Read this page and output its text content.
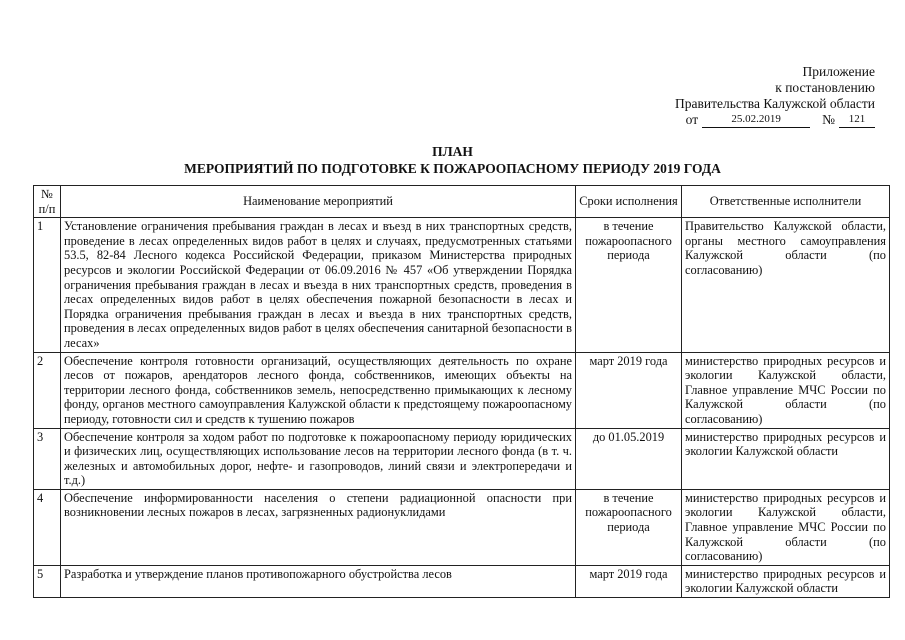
Приложение
к постановлению
Правительства Калужской области
от	25.02.2019	№	121
ПЛАН
МЕРОПРИЯТИЙ ПО ПОДГОТОВКЕ К ПОЖАРООПАСНОМУ ПЕРИОДУ 2019 ГОДА
№ п/п	Наименование мероприятий	Сроки исполнения	Ответственные исполнители
1	Установление ограничения пребывания граждан в лесах и въезд в них транспортных средств, проведение в лесах определенных видов работ в целях и случаях, предусмотренных статьями 53.5, 82-84 Лесного кодекса Российской Федерации, приказом Министерства природных ресурсов и экологии Российской Федерации от 06.09.2016 № 457 «Об утверждении Порядка ограничения пребывания граждан в лесах и въезда в них транспортных средств, проведения в лесах определенных видов работ в целях обеспечения пожарной безопасности в лесах и Порядка ограничения пребывания граждан в лесах и въезда в них транспортных средств, проведения в лесах определенных видов работ в целях обеспечения санитарной безопасности в лесах»	в течение пожароопасного периода	Правительство Калужской области, органы местного самоуправления Калужской области (по согласованию)
2	Обеспечение контроля готовности организаций, осуществляющих деятельность по охране лесов от пожаров, арендаторов лесного фонда, собственников, имеющих объекты на территории лесного фонда, собственников земель, непосредственно примыкающих к лесному фонду, органов местного самоуправления Калужской области к предстоящему пожароопасному периоду, готовности сил и средств к тушению пожаров	март 2019 года	министерство природных ресурсов и экологии Калужской области, Главное управление МЧС России по Калужской области (по согласованию)
3	Обеспечение контроля за ходом работ по подготовке к пожароопасному периоду юридических и физических лиц, осуществляющих использование лесов на территории лесного фонда (в т. ч. железных и автомобильных дорог, нефте- и газопроводов, линий связи и электропередачи и т.д.)	до 01.05.2019	министерство природных ресурсов и экологии Калужской области
4	Обеспечение информированности населения о степени радиационной опасности при возникновении лесных пожаров в лесах, загрязненных радионуклидами	в течение пожароопасного периода	министерство природных ресурсов и экологии Калужской области, Главное управление МЧС России по Калужской области (по согласованию)
5	Разработка и утверждение планов противопожарного обустройства лесов	март 2019 года	министерство природных ресурсов и экологии Калужской области
